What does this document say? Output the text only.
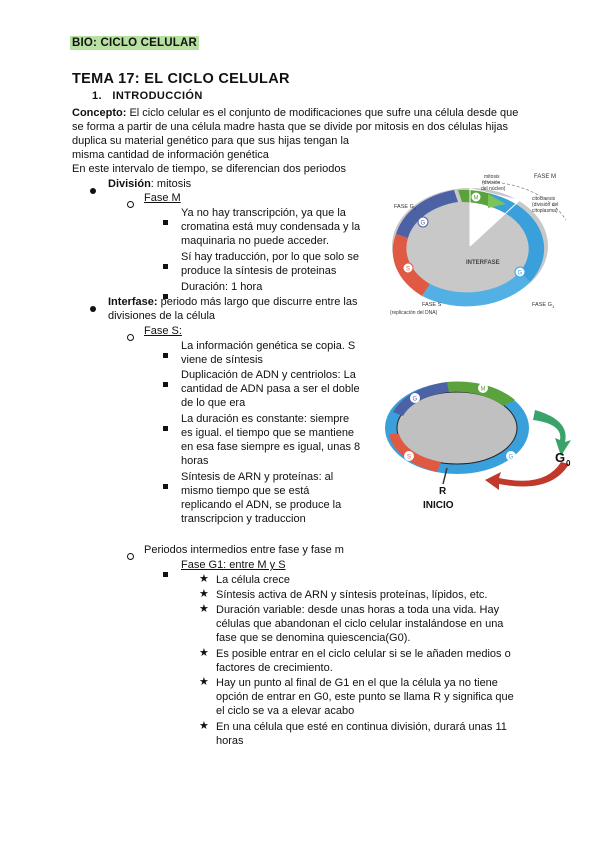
BIO: CICLO CELULAR
TEMA 17: EL CICLO CELULAR
1. INTRODUCCIÓN
Concepto: El ciclo celular es el conjunto de modificaciones que sufre una célula desde que
se forma a partir de una célula madre hasta que se divide por mitosis en dos células hijas
duplica su material genético para que sus hijas tengan la
misma cantidad de información genética
En este intervalo de tiempo, se diferencian dos periodos
División: mitosis
Fase M
Ya no hay transcripción, ya que la
cromatina está muy condensada y la
maquinaria no puede acceder.
Sí hay traducción, por lo que solo se
produce la síntesis de proteinas
Duración: 1 hora
Interfase: periodo más largo que discurre entre las
divisiones de la célula
Fase S:
La información genética se copia. S
viene de síntesis
Duplicación de ADN y centriolos: La
cantidad de ADN pasa a ser el doble
de lo que era
La duración es constante: siempre
es igual. el tiempo que se mantiene
en esa fase siempre es igual, unas 8
horas
Síntesis de ARN y proteínas: al
mismo tiempo que se está
replicando el ADN, se produce la
transcripcion y traduccion
Periodos intermedios entre fase y fase m
Fase G1: entre M y S
★ La célula crece
★ Síntesis activa de ARN y síntesis proteínas, lípidos, etc.
★ Duración variable: desde unas horas a toda una vida. Hay
células que abandonan el ciclo celular instalándose en una
fase que se denomina quiescencia(G0).
★ Es posible entrar en el ciclo celular si se le añaden medios o
factores de crecimiento.
★ Hay un punto al final de G1 en el que la célula ya no tiene
opción de entrar en G0, este punto se llama R y significa que
el ciclo se va a elevar acabo
★ En una célula que esté en continua división, durará unas 11
horas
G
M
G
S
INTERFASE
FASE M
mitosis
(división
del núcleo)
citocinesis
(división del
citoplasma)
FASE G 2
FASE S
(replicación del DNA)
FASE G 1
G
M
S	G
R
INICIO
G 0
